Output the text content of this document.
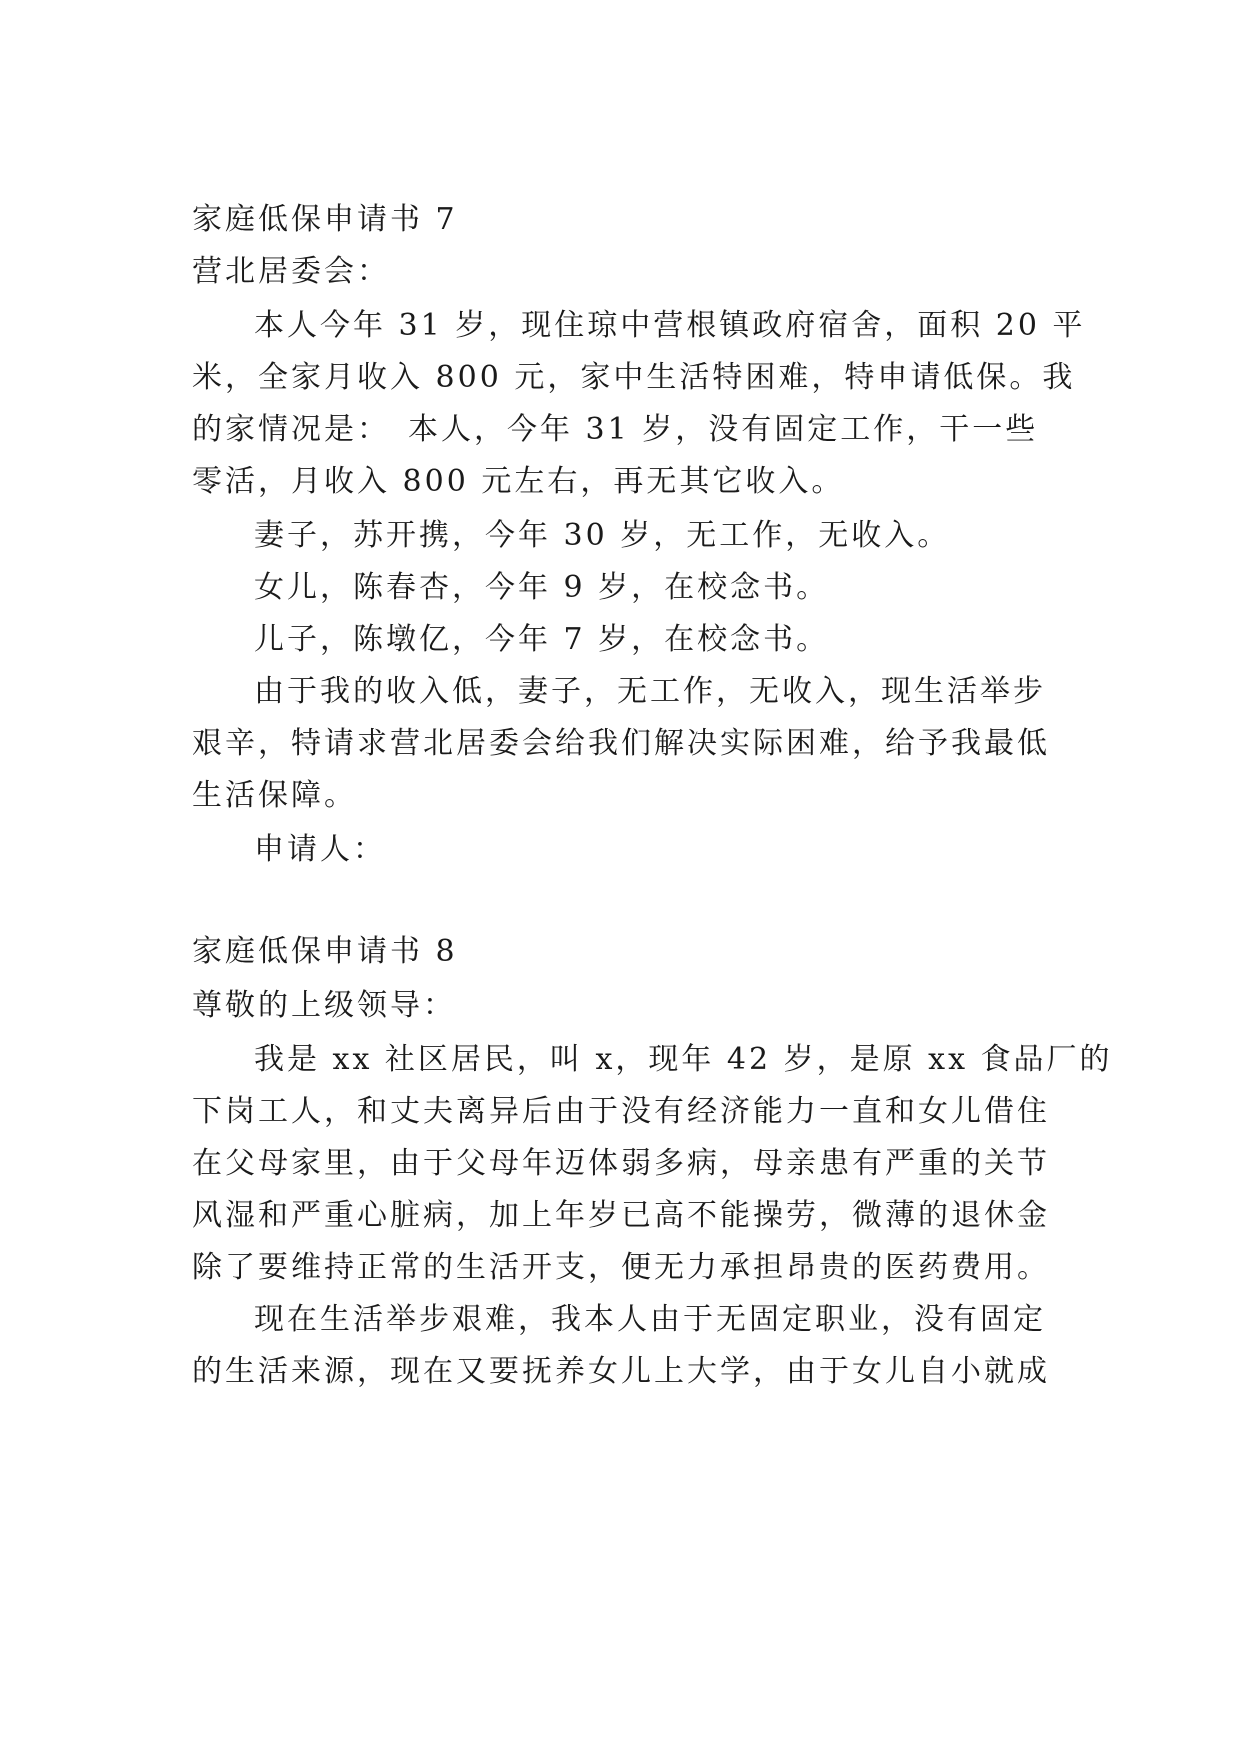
家庭低保申请书 7
营北居委会：
本人今年 31 岁，现住琼中营根镇政府宿舍，面积 20 平
米，全家月收入 800 元，家中生活特困难，特申请低保。我
的家情况是：　本人，今年 31 岁，没有固定工作，干一些
零活，月收入 800 元左右，再无其它收入。
妻子，苏开携，今年 30 岁，无工作，无收入。
女儿，陈春杏，今年 9 岁，在校念书。
儿子，陈墩亿，今年 7 岁，在校念书。
由于我的收入低，妻子，无工作，无收入，现生活举步
艰辛，特请求营北居委会给我们解决实际困难，给予我最低
生活保障。
申请人：
家庭低保申请书 8
尊敬的上级领导：
我是 xx 社区居民，叫 x，现年 42 岁，是原 xx 食品厂的
下岗工人，和丈夫离异后由于没有经济能力一直和女儿借住
在父母家里，由于父母年迈体弱多病，母亲患有严重的关节
风湿和严重心脏病，加上年岁已高不能操劳，微薄的退休金
除了要维持正常的生活开支，便无力承担昂贵的医药费用。
现在生活举步艰难，我本人由于无固定职业，没有固定
的生活来源，现在又要抚养女儿上大学，由于女儿自小就成
